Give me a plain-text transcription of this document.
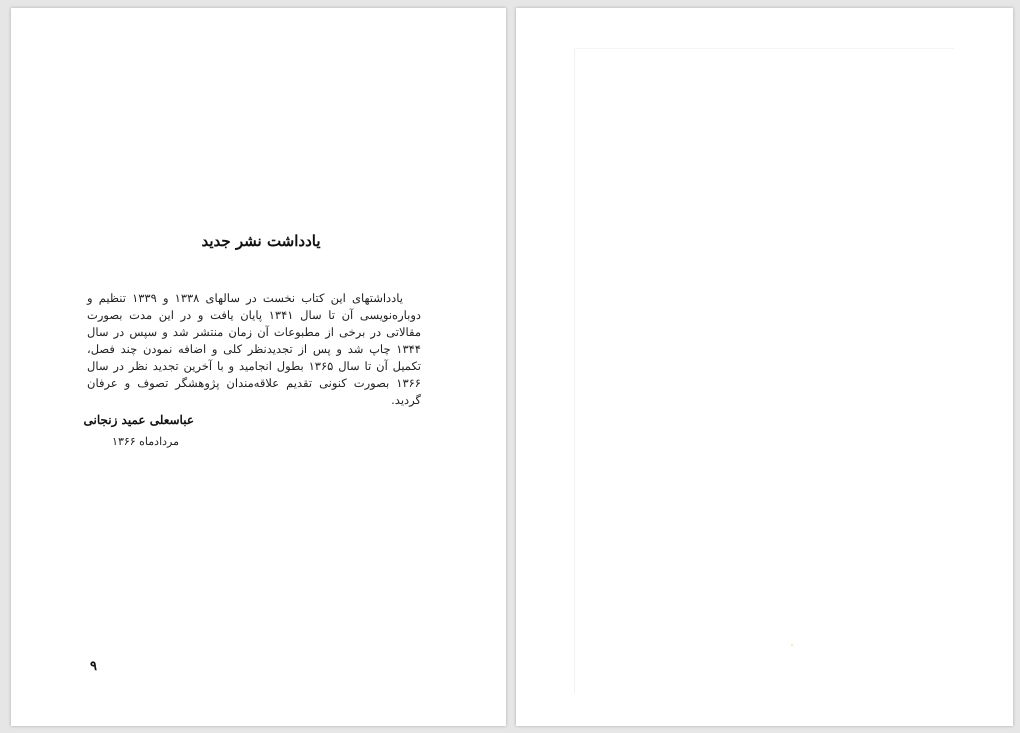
یادداشت نشر جدید
یادداشتهای این کتاب نخست در سالهای ۱۳۳۸ و ۱۳۳۹ تنظیم و دوباره‌نویسی آن تا سال ۱۳۴۱ پایان یافت و در این مدت بصورت مقالاتی در برخی از مطبوعات آن زمان منتشر شد و سپس در سال ۱۳۴۴ چاپ شد و پس از تجدیدنظر کلی و اضافه نمودن چند فصل، تکمیل آن تا سال ۱۳۶۵ بطول انجامید و با آخرین تجدید نظر در سال ۱۳۶۶ بصورت کنونی تقدیم علاقه‌مندان پژوهشگر تصوف و عرفان گردید.
عباسعلی عمید زنجانی
مردادماه ۱۳۶۶
۹
